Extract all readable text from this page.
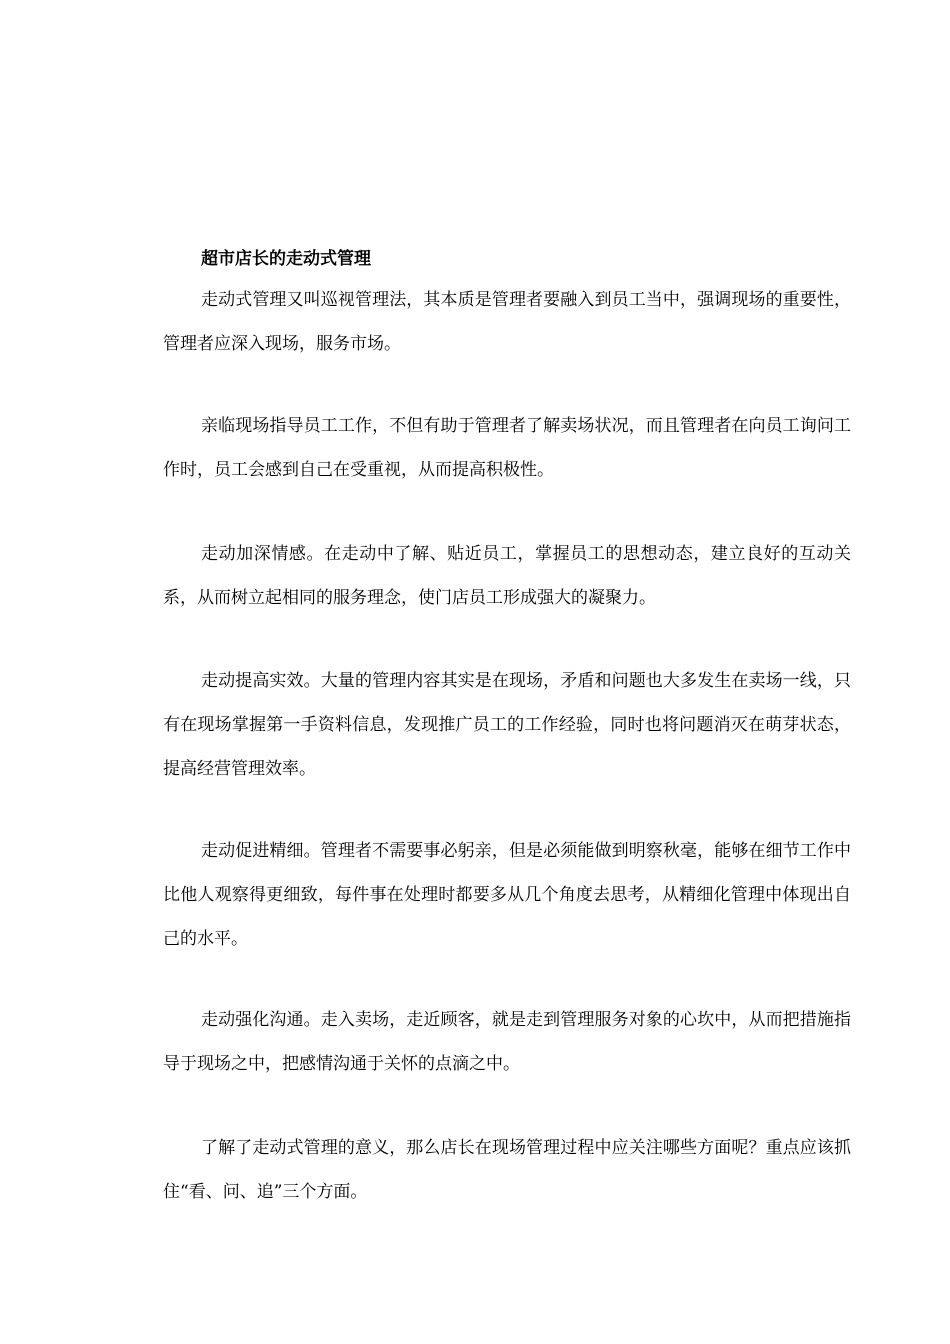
超市店长的走动式管理

走动式管理又叫巡视管理法，其本质是管理者要融入到员工当中，强调现场的重要性，管理者应深入现场，服务市场。

亲临现场指导员工工作，不但有助于管理者了解卖场状况，而且管理者在向员工询问工作时，员工会感到自己在受重视，从而提高积极性。

走动加深情感。在走动中了解、贴近员工，掌握员工的思想动态，建立良好的互动关系，从而树立起相同的服务理念，使门店员工形成强大的凝聚力。

走动提高实效。大量的管理内容其实是在现场，矛盾和问题也大多发生在卖场一线，只有在现场掌握第一手资料信息，发现推广员工的工作经验，同时也将问题消灭在萌芽状态，提高经营管理效率。

走动促进精细。管理者不需要事必躬亲，但是必须能做到明察秋毫，能够在细节工作中比他人观察得更细致，每件事在处理时都要多从几个角度去思考，从精细化管理中体现出自己的水平。

走动强化沟通。走入卖场，走近顾客，就是走到管理服务对象的心坎中，从而把措施指导于现场之中，把感情沟通于关怀的点滴之中。

了解了走动式管理的意义，那么店长在现场管理过程中应关注哪些方面呢？重点应该抓住“看、问、追”三个方面。
